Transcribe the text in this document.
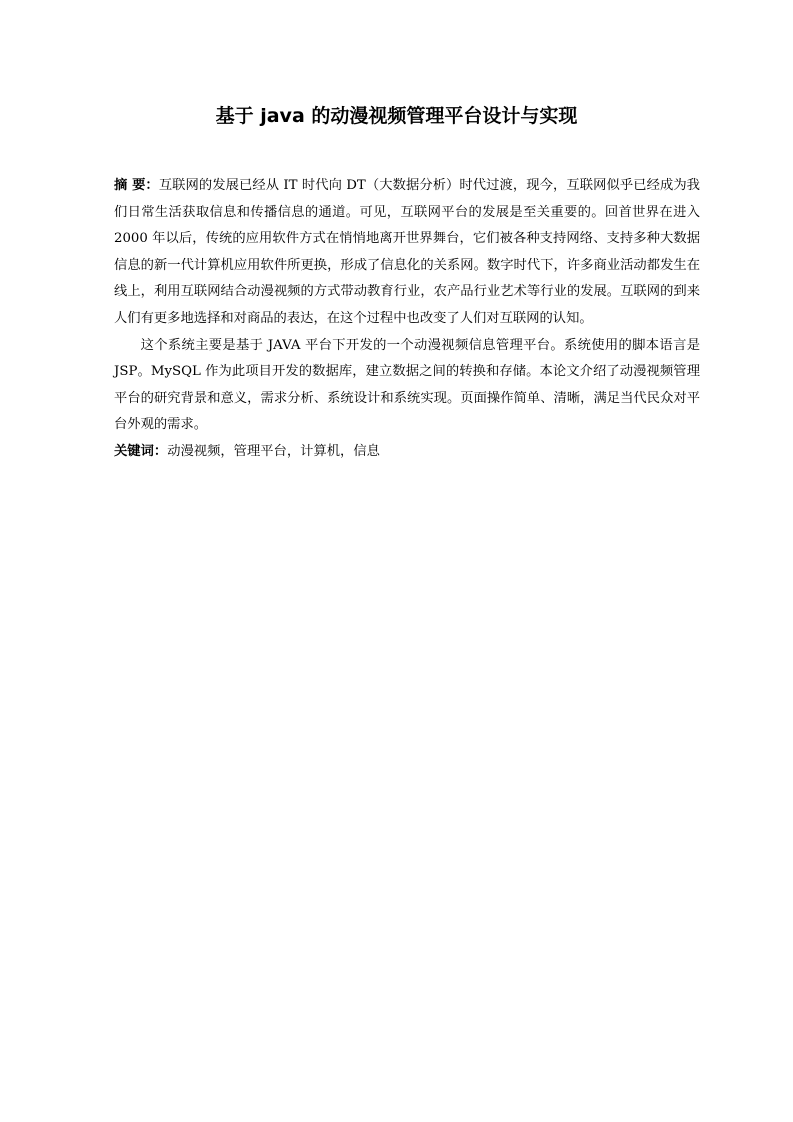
基于 java 的动漫视频管理平台设计与实现

摘 要：互联网的发展已经从 IT 时代向 DT（大数据分析）时代过渡，现今，互联网似乎已经成为我们日常生活获取信息和传播信息的通道。可见，互联网平台的发展是至关重要的。回首世界在进入 2000 年以后，传统的应用软件方式在悄悄地离开世界舞台，它们被各种支持网络、支持多种大数据信息的新一代计算机应用软件所更换，形成了信息化的关系网。数字时代下，许多商业活动都发生在线上，利用互联网结合动漫视频的方式带动教育行业，农产品行业艺术等行业的发展。互联网的到来人们有更多地选择和对商品的表达，在这个过程中也改变了人们对互联网的认知。

这个系统主要是基于 JAVA 平台下开发的一个动漫视频信息管理平台。系统使用的脚本语言是 JSP。MySQL 作为此项目开发的数据库，建立数据之间的转换和存储。本论文介绍了动漫视频管理平台的研究背景和意义，需求分析、系统设计和系统实现。页面操作简单、清晰，满足当代民众对平台外观的需求。

关键词：动漫视频，管理平台，计算机，信息
